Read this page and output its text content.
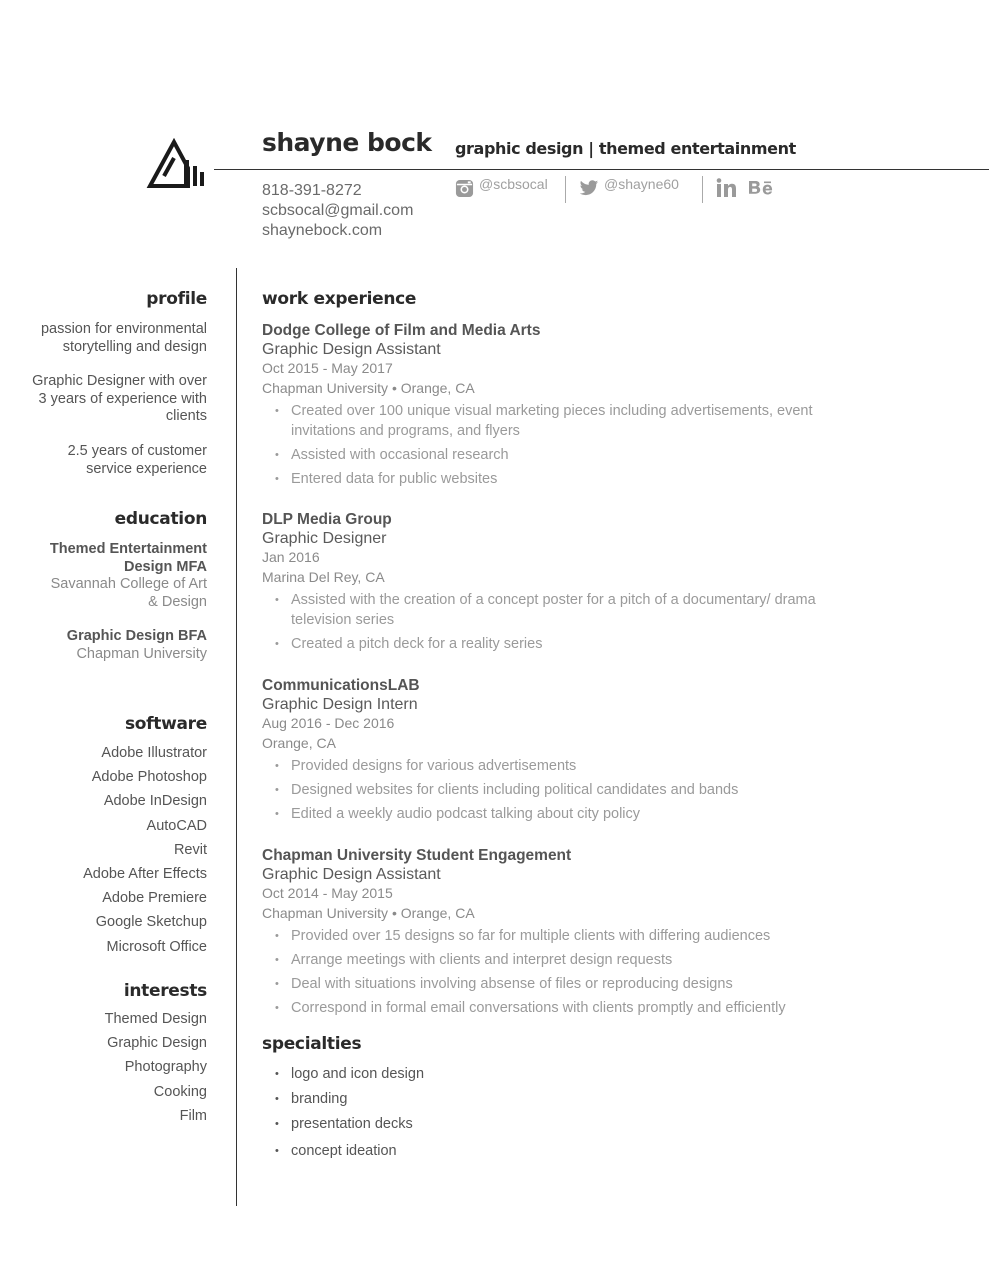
shayne bock graphic design | themed entertainment
818-391-8272
scbsocal@gmail.com
shaynebock.com
@scbsocal	@shayne60
profile
passion for environmental storytelling and design
Graphic Designer with over 3 years of experience with clients
2.5 years of customer service experience
education
Themed Entertainment Design MFA
Savannah College of Art & Design
Graphic Design BFA
Chapman University
software
Adobe Illustrator
Adobe Photoshop
Adobe InDesign
AutoCAD
Revit
Adobe After Effects
Adobe Premiere
Google Sketchup
Microsoft Office
interests
Themed Design
Graphic Design
Photography
Cooking
Film
work experience
Dodge College of Film and Media Arts
Graphic Design Assistant
Oct 2015 - May 2017
Chapman University • Orange, CA
• Created over 100 unique visual marketing pieces including advertisements, event invitations and programs, and flyers
• Assisted with occasional research
• Entered data for public websites
DLP Media Group
Graphic Designer
Jan 2016
Marina Del Rey, CA
• Assisted with the creation of a concept poster for a pitch of a documentary/ drama television series
• Created a pitch deck for a reality series
CommunicationsLAB
Graphic Design Intern
Aug 2016 - Dec 2016
Orange, CA
• Provided designs for various advertisements
• Designed websites for clients including political candidates and bands
• Edited a weekly audio podcast talking about city policy
Chapman University Student Engagement
Graphic Design Assistant
Oct 2014 - May 2015
Chapman University • Orange, CA
• Provided over 15 designs so far for multiple clients with differing audiences
• Arrange meetings with clients and interpret design requests
• Deal with situations involving absense of files or reproducing designs
• Correspond in formal email conversations with clients promptly and efficiently
specialties
• logo and icon design
• branding
• presentation decks
• concept ideation
